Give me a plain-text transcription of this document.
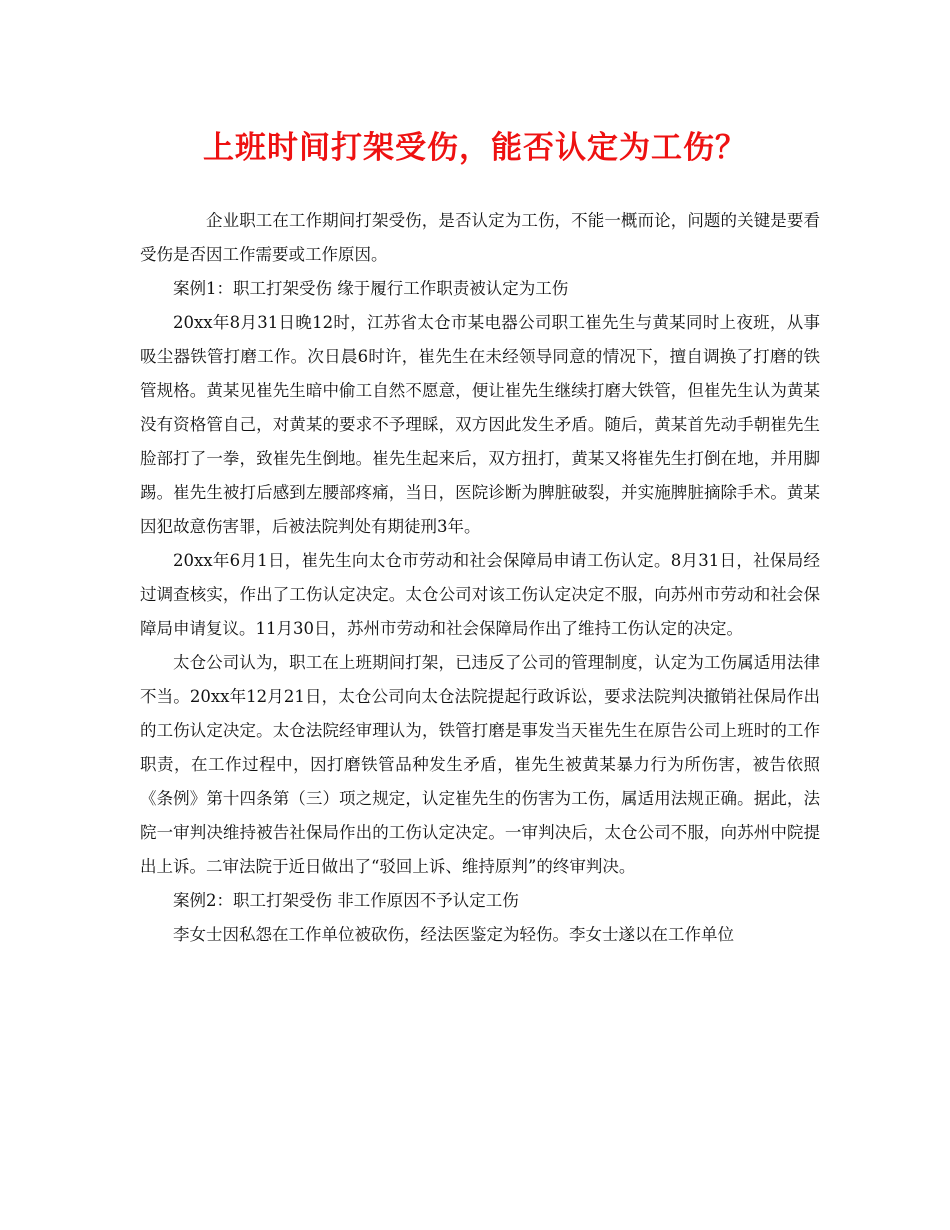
上班时间打架受伤，能否认定为工伤？

企业职工在工作期间打架受伤，是否认定为工伤，不能一概而论，问题的关键是要看受伤是否因工作需要或工作原因。

案例1：职工打架受伤 缘于履行工作职责被认定为工伤

20xx年8月31日晚12时，江苏省太仓市某电器公司职工崔先生与黄某同时上夜班，从事吸尘器铁管打磨工作。次日晨6时许，崔先生在未经领导同意的情况下，擅自调换了打磨的铁管规格。黄某见崔先生暗中偷工自然不愿意，便让崔先生继续打磨大铁管，但崔先生认为黄某没有资格管自己，对黄某的要求不予理睬，双方因此发生矛盾。随后，黄某首先动手朝崔先生脸部打了一拳，致崔先生倒地。崔先生起来后，双方扭打，黄某又将崔先生打倒在地，并用脚踢。崔先生被打后感到左腰部疼痛，当日，医院诊断为脾脏破裂，并实施脾脏摘除手术。黄某因犯故意伤害罪，后被法院判处有期徒刑3年。

20xx年6月1日，崔先生向太仓市劳动和社会保障局申请工伤认定。8月31日，社保局经过调查核实，作出了工伤认定决定。太仓公司对该工伤认定决定不服，向苏州市劳动和社会保障局申请复议。11月30日，苏州市劳动和社会保障局作出了维持工伤认定的决定。

太仓公司认为，职工在上班期间打架，已违反了公司的管理制度，认定为工伤属适用法律不当。20xx年12月21日，太仓公司向太仓法院提起行政诉讼，要求法院判决撤销社保局作出的工伤认定决定。太仓法院经审理认为，铁管打磨是事发当天崔先生在原告公司上班时的工作职责，在工作过程中，因打磨铁管品种发生矛盾，崔先生被黄某暴力行为所伤害，被告依照《条例》第十四条第（三）项之规定，认定崔先生的伤害为工伤，属适用法规正确。据此，法院一审判决维持被告社保局作出的工伤认定决定。一审判决后，太仓公司不服，向苏州中院提出上诉。二审法院于近日做出了“驳回上诉、维持原判”的终审判决。

案例2：职工打架受伤 非工作原因不予认定工伤

李女士因私怨在工作单位被砍伤，经法医鉴定为轻伤。李女士遂以在工作单位
